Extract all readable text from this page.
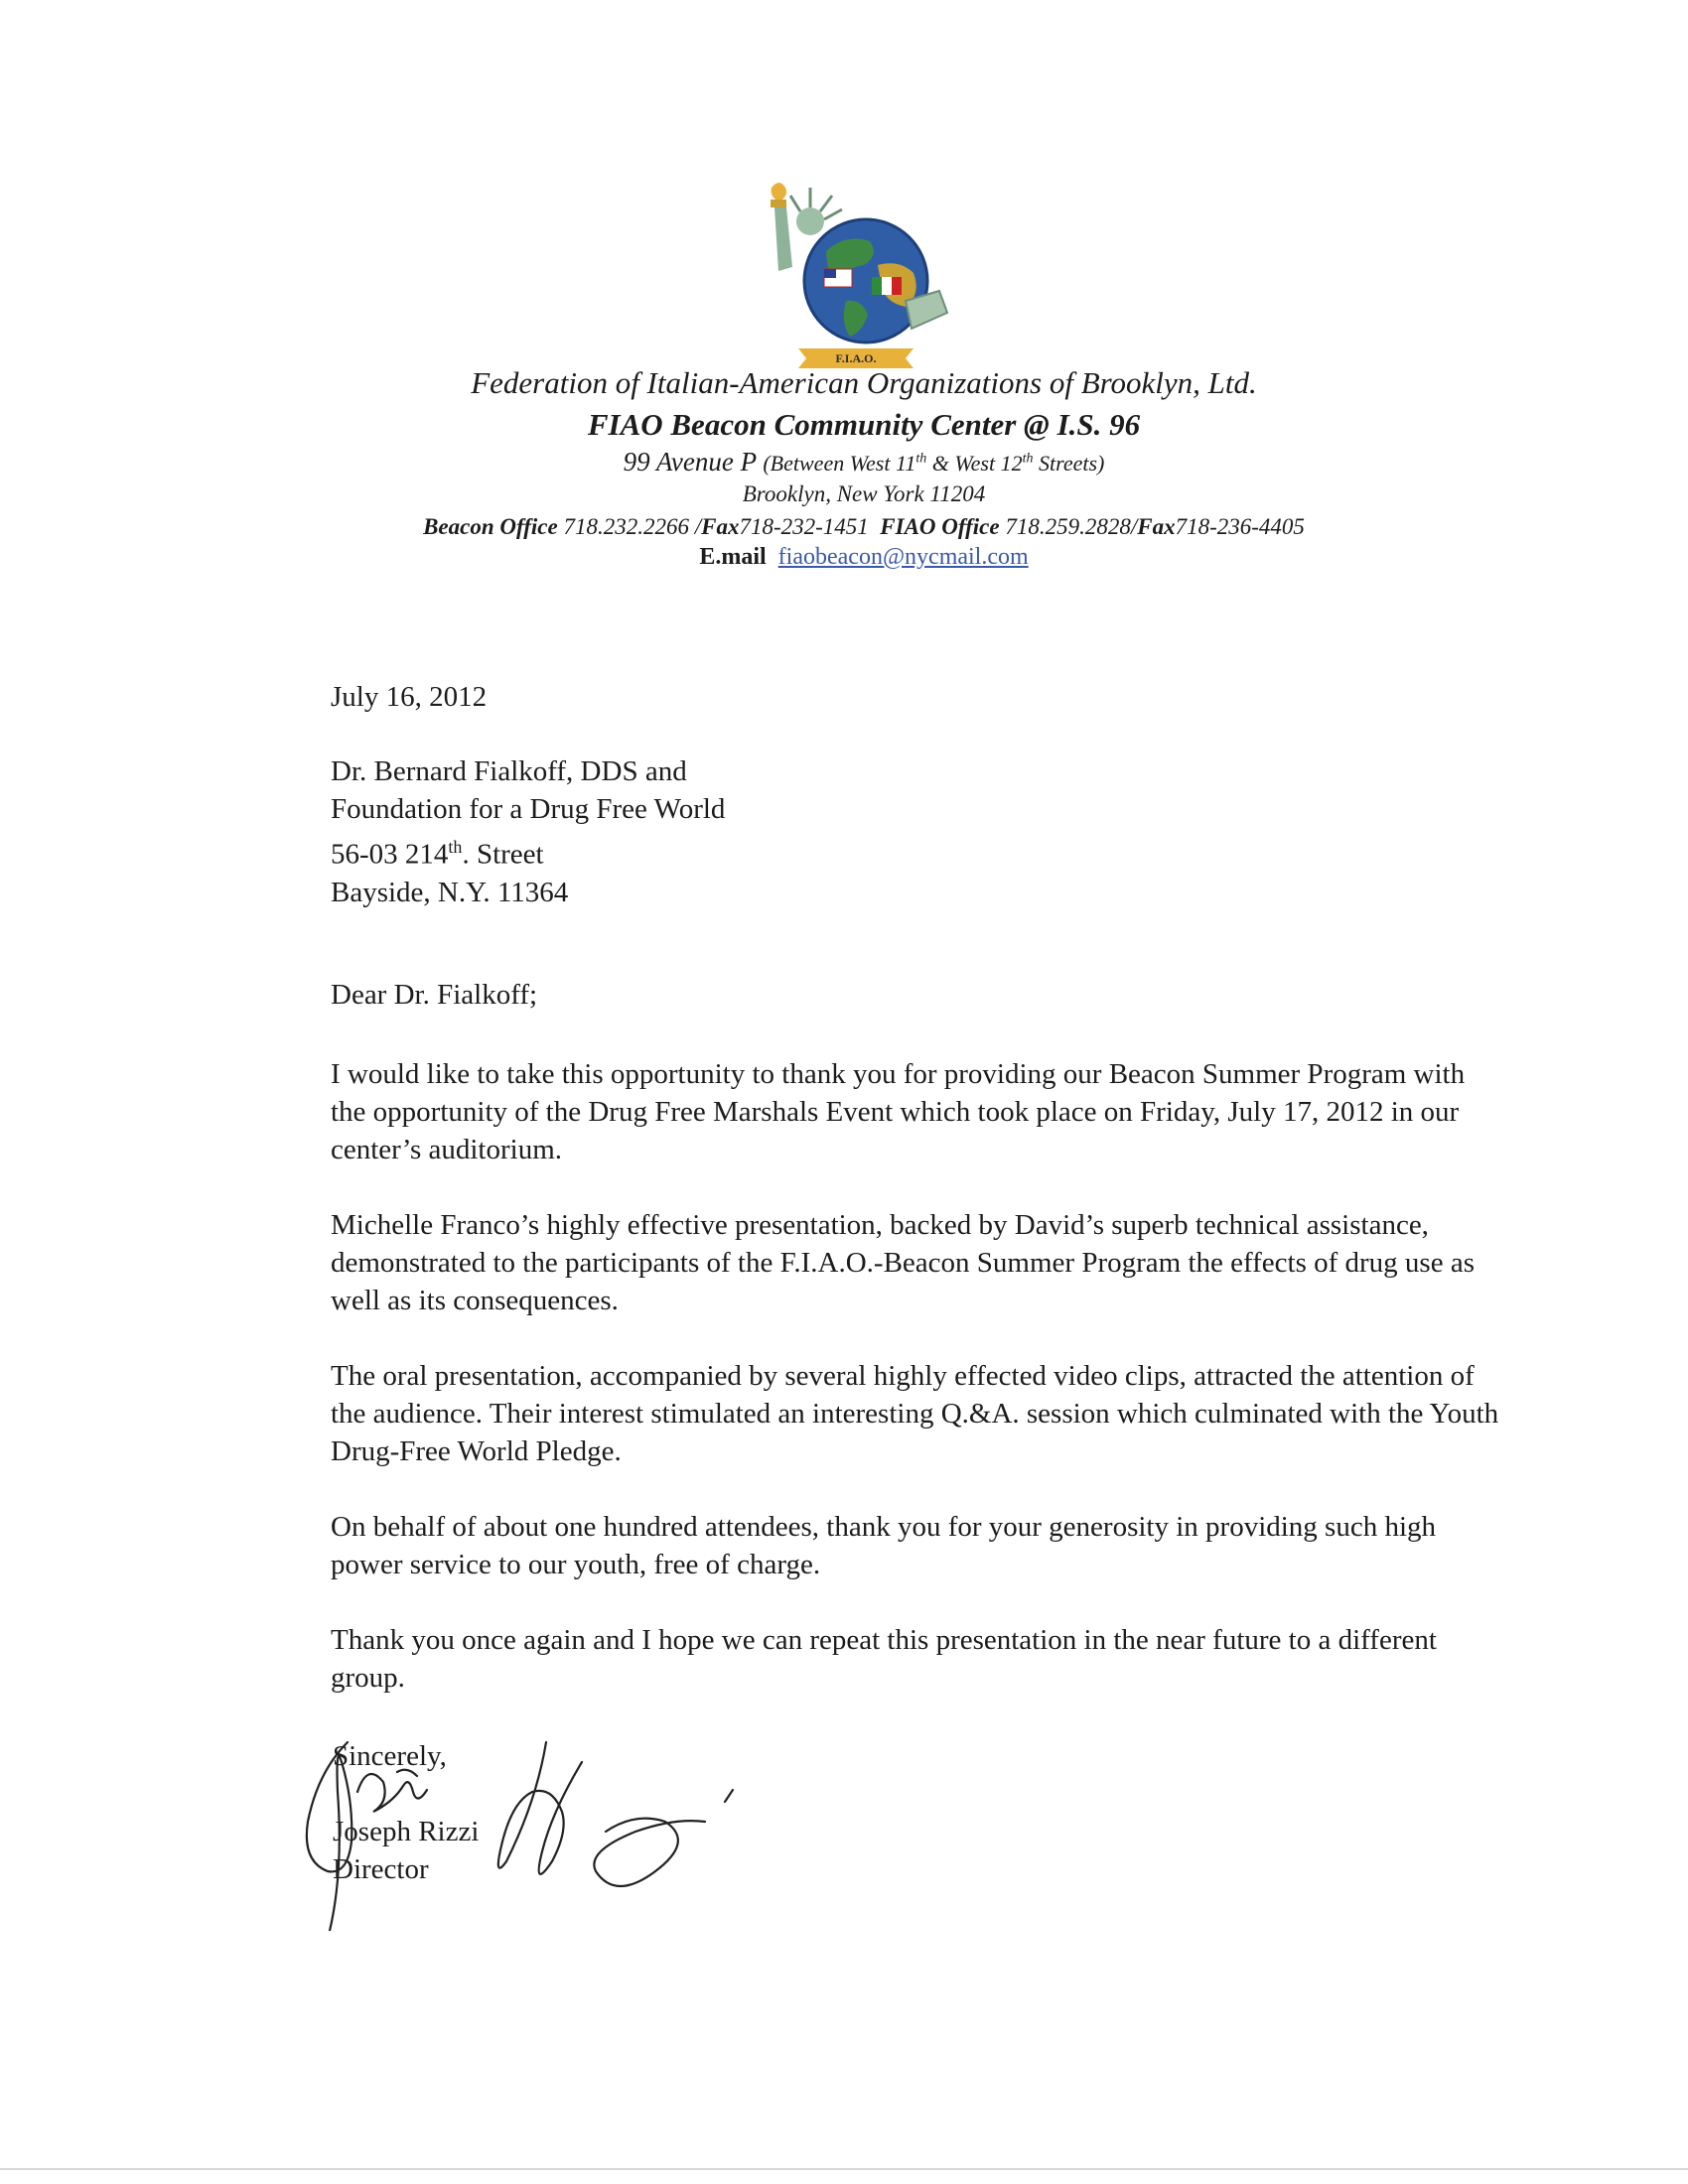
F.I.A.O.
Federation of Italian-American Organizations of Brooklyn, Ltd.
FIAO Beacon Community Center @ I.S. 96
99 Avenue P (Between West 11th & West 12th Streets)
Brooklyn, New York 11204
Beacon Office 718.232.2266 /Fax718-232-1451 FIAO Office 718.259.2828/Fax718-236-4405
E.mail fiaobeacon@nycmail.com
July 16, 2012

Dr. Bernard Fialkoff, DDS and

Foundation for a Drug Free World

56-03 214th. Street

Bayside, N.Y. 11364

Dear Dr. Fialkoff;
I would like to take this opportunity to thank you for providing our Beacon Summer Program with the opportunity of the Drug Free Marshals Event which took place on Friday, July 17, 2012 in our center’s auditorium.
Michelle Franco’s highly effective presentation, backed by David’s superb technical assistance, demonstrated to the participants of the F.I.A.O.-Beacon Summer Program the effects of drug use as well as its consequences.
The oral presentation, accompanied by several highly effected video clips, attracted the attention of the audience. Their interest stimulated an interesting Q.&A. session which culminated with the Youth Drug-Free World Pledge.
On behalf of about one hundred attendees, thank you for your generosity in providing such high power service to our youth, free of charge.
Thank you once again and I hope we can repeat this presentation in the near future to a different group.

Sincerely,

Joseph Rizzi

Director
